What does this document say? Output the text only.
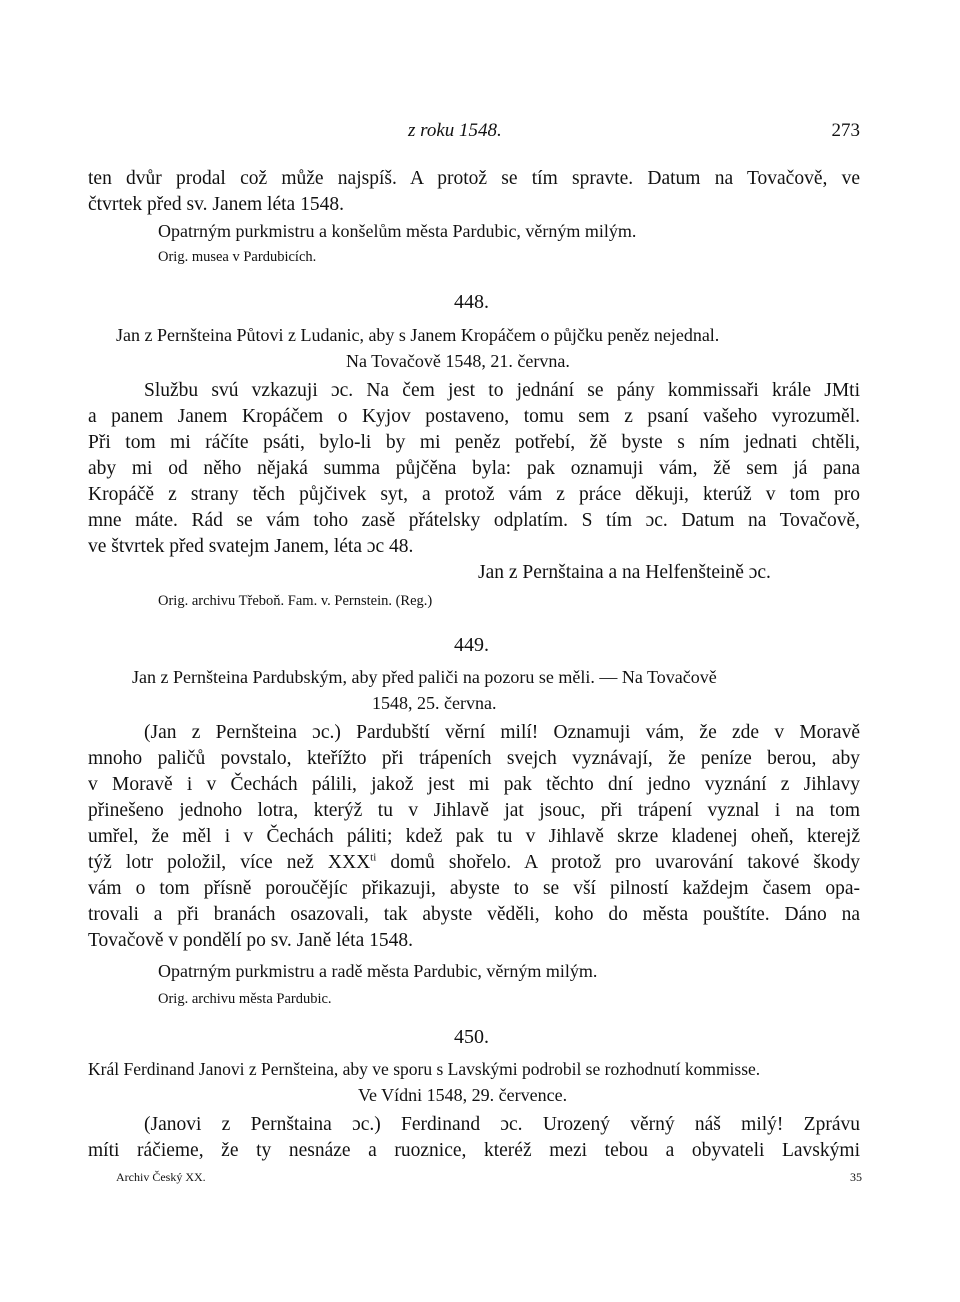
z roku 1548.	273
ten dvůr prodal což může najspíš. A protož se tím spravte. Datum na Tovačově, ve
čtvrtek před sv. Janem léta 1548.
Opatrným purkmistru a konšelům města Pardubic, věrným milým.
Orig. musea v Pardubicích.
448.
Jan z Pernšteina Půtovi z Ludanic, aby s Janem Kropáčem o půjčku peněz nejednal.
Na Tovačově 1548, 21. června.
Službu svú vzkazuji ɔc. Na čem jest to jednání se pány kommissaři krále JMti
a panem Janem Kropáčem o Kyjov postaveno, tomu sem z psaní vašeho vyrozuměl.
Při tom mi ráčíte psáti, bylo-li by mi peněz potřebí, žě byste s ním jednati chtěli,
aby mi od něho nějaká summa půjčěna byla: pak oznamuji vám, žě sem já pana
Kropáčě z strany těch půjčivek syt, a protož vám z práce děkuji, kterúž v tom pro
mne máte. Rád se vám toho zasě přátelsky odplatím. S tím ɔc. Datum na Tovačově,
ve štvrtek před svatejm Janem, léta ɔc 48.
Jan z Pernštaina a na Helfenšteině ɔc.
Orig. archivu Třeboň. Fam. v. Pernstein. (Reg.)
449.
Jan z Pernšteina Pardubským, aby před paliči na pozoru se měli. — Na Tovačově
1548, 25. června.
(Jan z Pernšteina ɔc.) Pardubští věrní milí! Oznamuji vám, že zde v Moravě
mnoho paličů povstalo, kteřížto při trápeních svejch vyznávají, že peníze berou, aby
v Moravě i v Čechách pálili, jakož jest mi pak těchto dní jedno vyznání z Jihlavy
přinešeno jednoho lotra, kterýž tu v Jihlavě jat jsouc, při trápení vyznal i na tom
umřel, že měl i v Čechách páliti; kdež pak tu v Jihlavě skrze kladenej oheň, kterejž
týž lotr položil, více než $XXX^{ti}$ domů shořelo. A protož pro uvarování takové škody
vám o tom přísně poroučějíc přikazuji, abyste to se vší pilností každejm časem opa-
trovali a při branách osazovali, tak abyste věděli, koho do města pouštíte. Dáno na
Tovačově v pondělí po sv. Janě léta 1548.
Opatrným purkmistru a radě města Pardubic, věrným milým.
Orig. archivu města Pardubic.
450.
Král Ferdinand Janovi z Pernšteina, aby ve sporu s Lavskými podrobil se rozhodnutí kommisse.
Ve Vídni 1548, 29. července.
(Janovi z Pernštaina ɔc.) Ferdinand ɔc. Urozený věrný náš milý! Zprávu
míti ráčieme, že ty nesnáze a ruoznice, kteréž mezi tebou a obyvateli Lavskými
Archiv Český XX.	35
